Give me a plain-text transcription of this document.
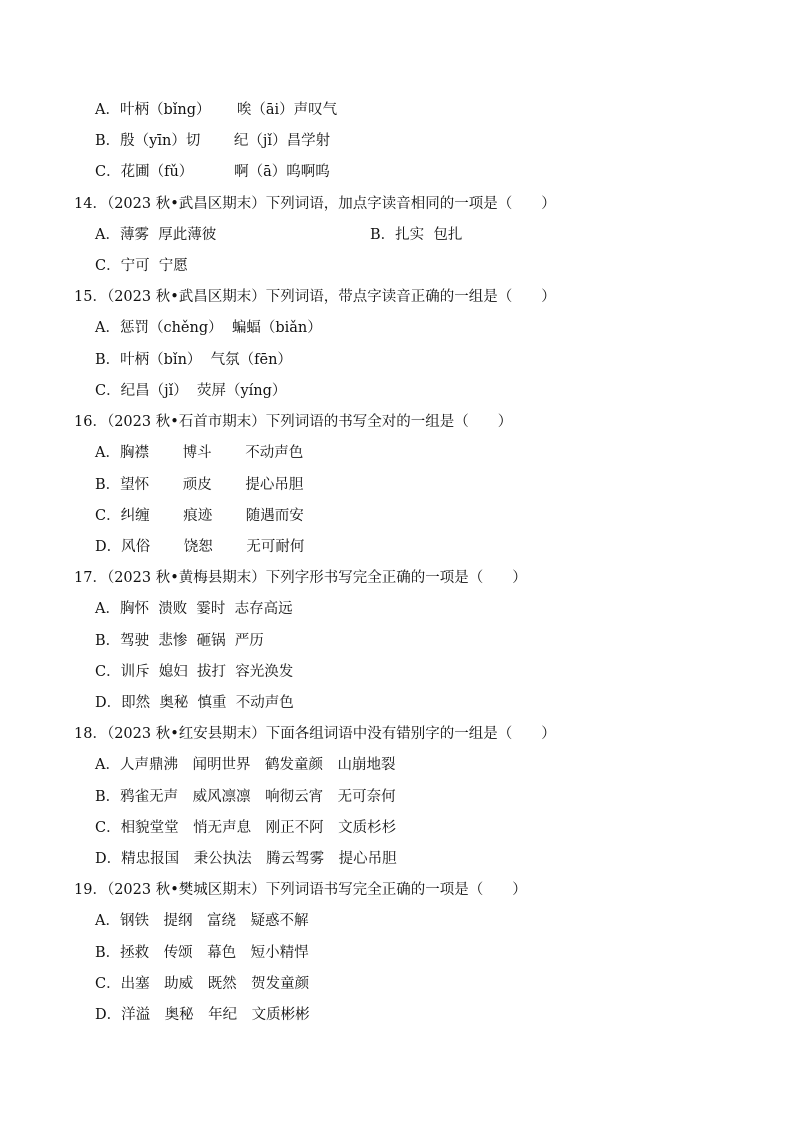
A．叶柄（bǐng）　　 唉（āi）声叹气
B．殷（yīn）切　　 纪（jǐ）昌学射
C．花圃（fǔ）　　　 啊（ā）呜啊呜
14．（2023 秋•武昌区期末）下列词语，加点字读音相同的一项是（　　）
A．薄雾  厚此薄彼	B．扎实  包扎
C．宁可  宁愿
15．（2023 秋•武昌区期末）下列词语，带点字读音正确的一组是（　　）
A．惩罚（chěng）  蝙蝠（biǎn）
B．叶柄（bǐn）  气氛（fēn）
C．纪昌（jǐ）  荧屏（yíng）
16．（2023 秋•石首市期末）下列词语的书写全对的一组是（　　）
A．胸襟　　 博斗　　 不动声色
B．望怀　　 顽皮　　 提心吊胆
C．纠缠　　 痕迹　　 随遇而安
D．风俗　　 饶恕　　 无可耐何
17．（2023 秋•黄梅县期末）下列字形书写完全正确的一项是（　　）
A．胸怀  溃败  霎时  志存高远
B．驾驶  悲惨  砸锅  严历
C．训斥  媳妇  拔打  容光涣发
D．即然  奥秘  慎重  不动声色
18．（2023 秋•红安县期末）下面各组词语中没有错别字的一组是（　　）
A．人声鼎沸　闻明世界　鹤发童颜　山崩地裂
B．鸦雀无声　威风凛凛　响彻云宵　无可奈何
C．相貌堂堂　悄无声息　刚正不阿　文质杉杉
D．精忠报国　秉公执法　腾云驾雾　提心吊胆
19．（2023 秋•樊城区期末）下列词语书写完全正确的一项是（　　）
A．钢铁　提纲　富绕　疑惑不解
B．拯救　传颂　幕色　短小精悍
C．出塞　助威　既然　贺发童颜
D．洋溢　奥秘　年纪　文质彬彬
